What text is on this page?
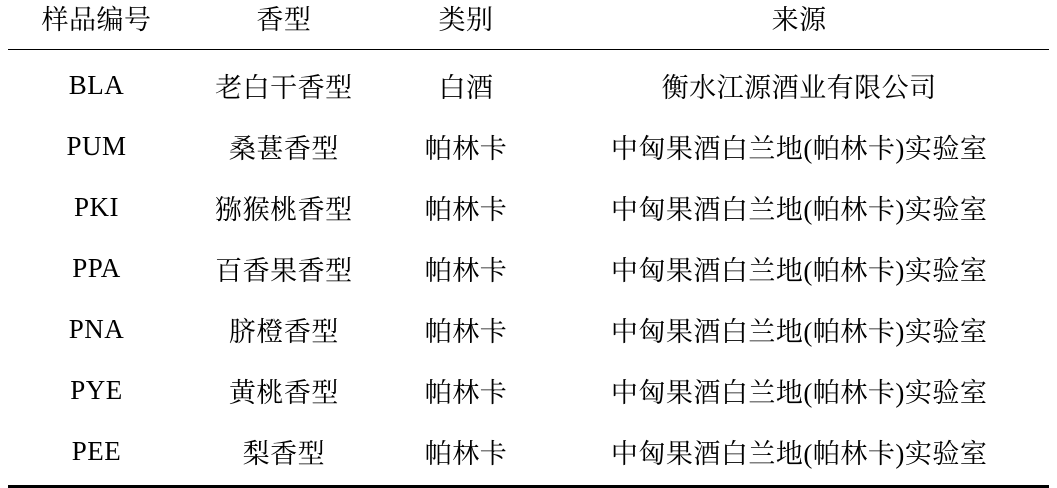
样品编号	香型	类别	来源
BLA	老白干香型	白酒	衡水江源酒业有限公司
PUM	桑葚香型	帕林卡	中匈果酒白兰地(帕林卡)实验室
PKI	猕猴桃香型	帕林卡	中匈果酒白兰地(帕林卡)实验室
PPA	百香果香型	帕林卡	中匈果酒白兰地(帕林卡)实验室
PNA	脐橙香型	帕林卡	中匈果酒白兰地(帕林卡)实验室
PYE	黄桃香型	帕林卡	中匈果酒白兰地(帕林卡)实验室
PEE	梨香型	帕林卡	中匈果酒白兰地(帕林卡)实验室
